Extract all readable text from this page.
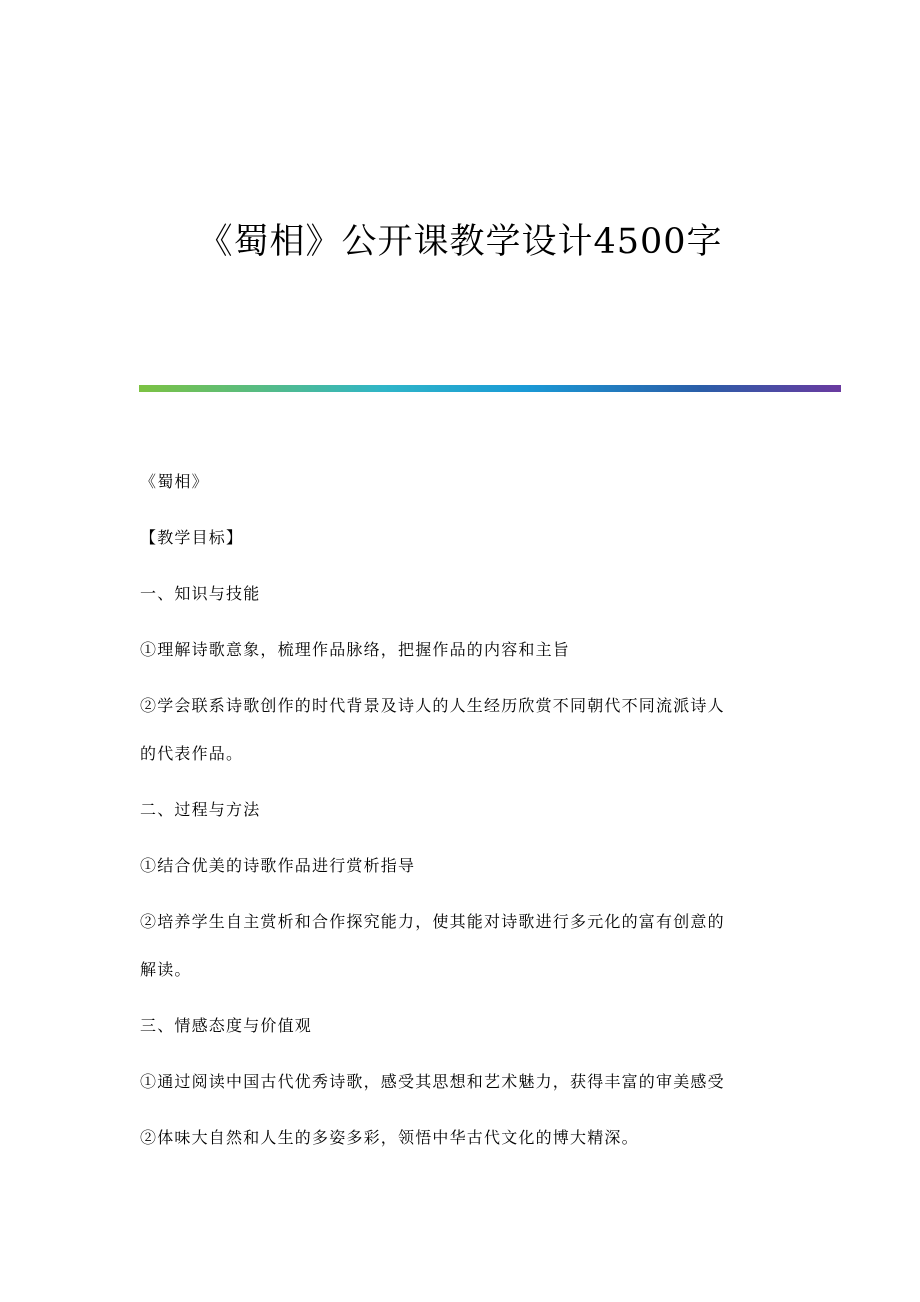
《蜀相》公开课教学设计4500字
《蜀相》
【教学目标】
一、知识与技能
①理解诗歌意象，梳理作品脉络，把握作品的内容和主旨
②学会联系诗歌创作的时代背景及诗人的人生经历欣赏不同朝代不同流派诗人
的代表作品。
二、过程与方法
①结合优美的诗歌作品进行赏析指导
②培养学生自主赏析和合作探究能力，使其能对诗歌进行多元化的富有创意的
解读。
三、情感态度与价值观
①通过阅读中国古代优秀诗歌，感受其思想和艺术魅力，获得丰富的审美感受
②体味大自然和人生的多姿多彩，领悟中华古代文化的博大精深。
